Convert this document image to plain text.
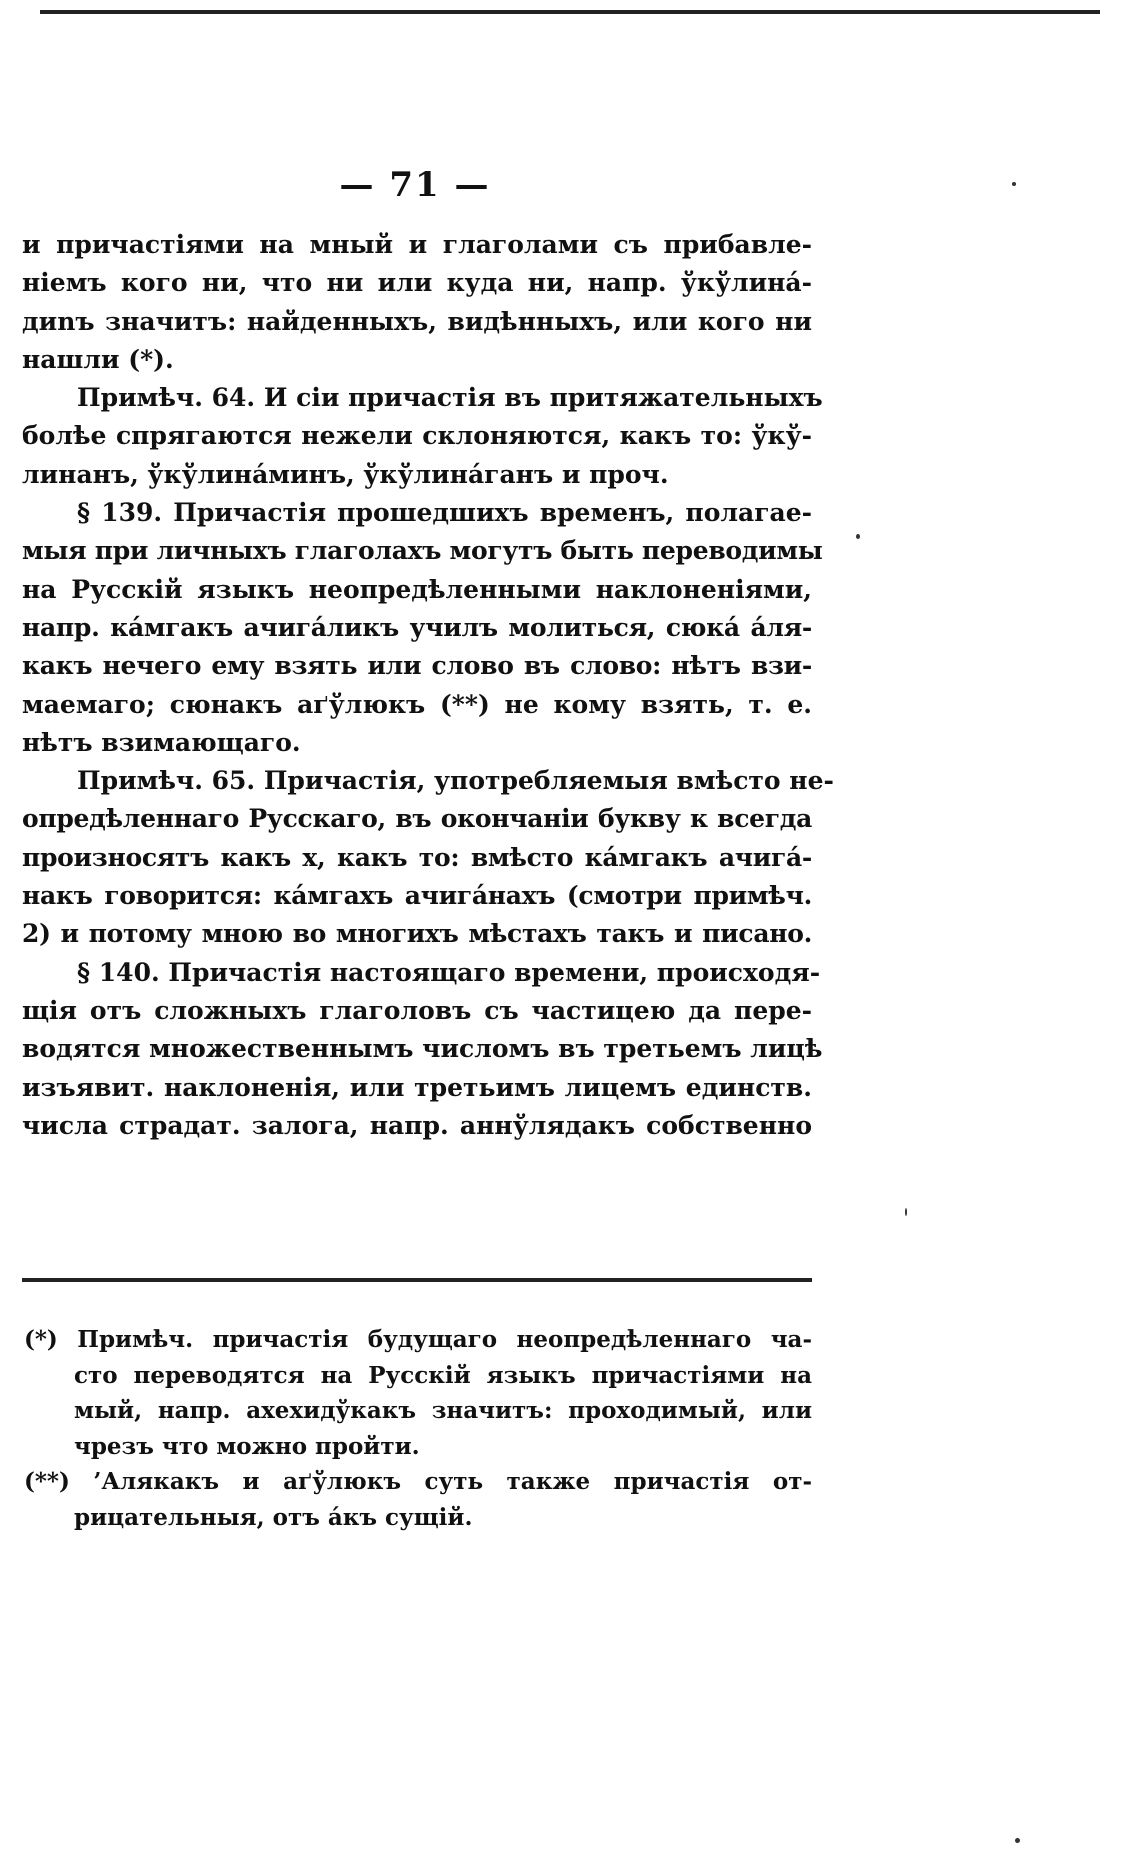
— 71 —
и причастіями на мный и глаголами съ прибавле-
ніемъ кого ни, что ни или куда ни, напр. ўкўлина́-
диnъ значитъ: найденныхъ, видѣнныхъ, или кого ни
нашли (*).
Примѣч. 64. И сіи причастія въ притяжательныхъ
болѣе спрягаются нежели склоняются, какъ то: ўкў-
линанъ, ўкўлина́минъ, ўкўлина́ганъ и проч.
§ 139. Причастія прошедшихъ временъ, полагае-
мыя при личныхъ глаголахъ могутъ быть переводимы
на Русскій языкъ неопредѣленными наклоненіями,
напр. ка́мгакъ ачига́ликъ училъ молиться, сюка́ а́ля-
какъ нечего ему взять или слово въ слово: нѣтъ взи-
маемаго; сюнакъ аґўлюкъ (**) не кому взять, т. е.
нѣтъ взимающаго.
Примѣч. 65. Причастія, употребляемыя вмѣсто не-
опредѣленнаго Русскаго, въ окончаніи букву к всегда
произносятъ какъ х, какъ то: вмѣсто ка́мгакъ ачига́-
накъ говорится: ка́мгахъ ачига́нахъ (смотри примѣч.
2) и потому мною во многихъ мѣстахъ такъ и писано.
§ 140. Причастія настоящаго времени, происходя-
щія отъ сложныхъ глаголовъ съ частицею да пере-
водятся множественнымъ числомъ въ третьемъ лицѣ
изъявит. наклоненія, или третьимъ лицемъ единств.
числа страдат. залога, напр. аннўлядакъ собственно
(*) Примѣч. причастія будущаго неопредѣленнаго ча-
сто переводятся на Русскій языкъ причастіями на
мый, напр. ахехидўкакъ значитъ: проходимый, или
чрезъ что можно пройти.
(**) ’Алякакъ и аґўлюкъ суть также причастія от-
рицательныя, отъ а́къ сущій.
